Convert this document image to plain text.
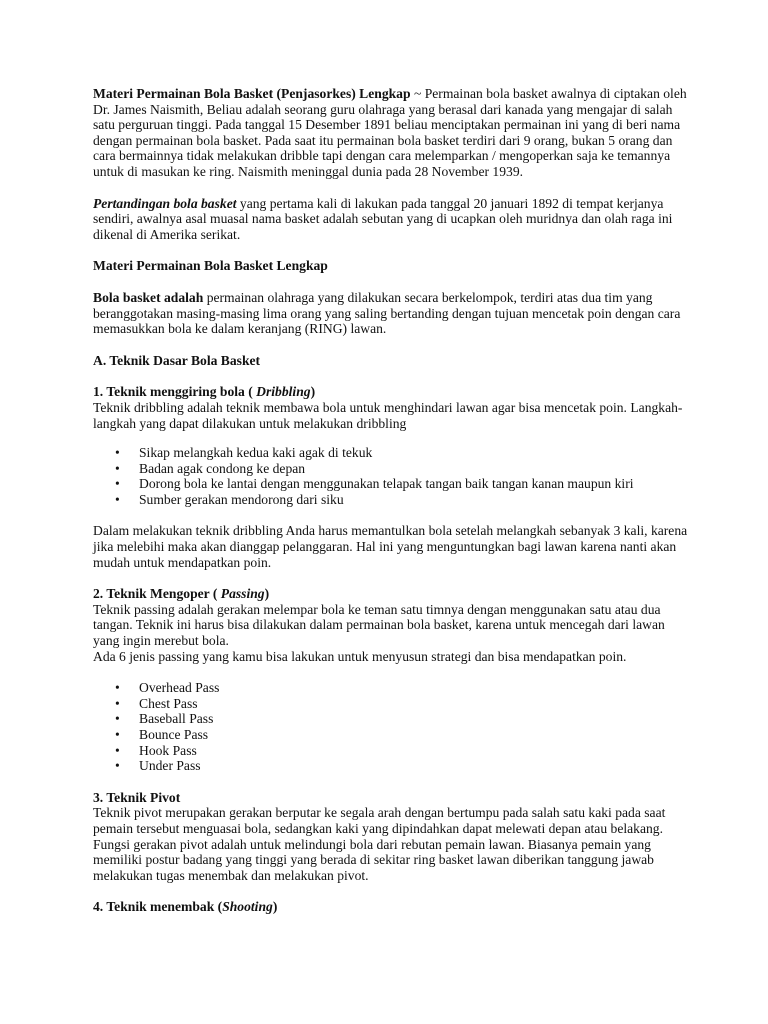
Materi Permainan Bola Basket (Penjasorkes) Lengkap ~ Permainan bola basket awalnya di ciptakan oleh Dr. James Naismith, Beliau adalah seorang guru olahraga yang berasal dari kanada yang mengajar di salah satu perguruan tinggi. Pada tanggal 15 Desember 1891 beliau menciptakan permainan ini yang di beri nama dengan permainan bola basket. Pada saat itu permainan bola basket terdiri dari 9 orang, bukan 5 orang dan cara bermainnya tidak melakukan dribble tapi dengan cara melemparkan / mengoperkan saja ke temannya untuk di masukan ke ring. Naismith meninggal dunia pada 28 November 1939.

Pertandingan bola basket yang pertama kali di lakukan pada tanggal 20 januari 1892 di tempat kerjanya sendiri, awalnya asal muasal nama basket adalah sebutan yang di ucapkan oleh muridnya dan olah raga ini dikenal di Amerika serikat.

Materi Permainan Bola Basket Lengkap

Bola basket adalah permainan olahraga yang dilakukan secara berkelompok, terdiri atas dua tim yang beranggotakan masing-masing lima orang yang saling bertanding dengan tujuan mencetak poin dengan cara memasukkan bola ke dalam keranjang (RING) lawan.

A. Teknik Dasar Bola Basket
1. Teknik menggiring bola ( Dribbling)

Teknik dribbling adalah teknik membawa bola untuk menghindari lawan agar bisa mencetak poin. Langkah-langkah yang dapat dilakukan untuk melakukan dribbling

• Sikap melangkah kedua kaki agak di tekuk
• Badan agak condong ke depan
• Dorong bola ke lantai dengan menggunakan telapak tangan baik tangan kanan maupun kiri
• Sumber gerakan mendorong dari siku

Dalam melakukan teknik dribbling Anda harus memantulkan bola setelah melangkah sebanyak 3 kali, karena jika melebihi maka akan dianggap pelanggaran. Hal ini yang menguntungkan bagi lawan karena nanti akan mudah untuk mendapatkan poin.

2. Teknik Mengoper ( Passing)

Teknik passing adalah gerakan melempar bola ke teman satu timnya dengan menggunakan satu atau dua tangan. Teknik ini harus bisa dilakukan dalam permainan bola basket, karena untuk mencegah dari lawan yang ingin merebut bola.

Ada 6 jenis passing yang kamu bisa lakukan untuk menyusun strategi dan bisa mendapatkan poin.

• Overhead Pass
• Chest Pass
• Baseball Pass
• Bounce Pass
• Hook Pass
• Under Pass
3. Teknik Pivot

Teknik pivot merupakan gerakan berputar ke segala arah dengan bertumpu pada salah satu kaki pada saat pemain tersebut menguasai bola, sedangkan kaki yang dipindahkan dapat melewati depan atau belakang. Fungsi gerakan pivot adalah untuk melindungi bola dari rebutan pemain lawan. Biasanya pemain yang memiliki postur badang yang tinggi yang berada di sekitar ring basket lawan diberikan tanggung jawab melakukan tugas menembak dan melakukan pivot.

4. Teknik menembak (Shooting)
